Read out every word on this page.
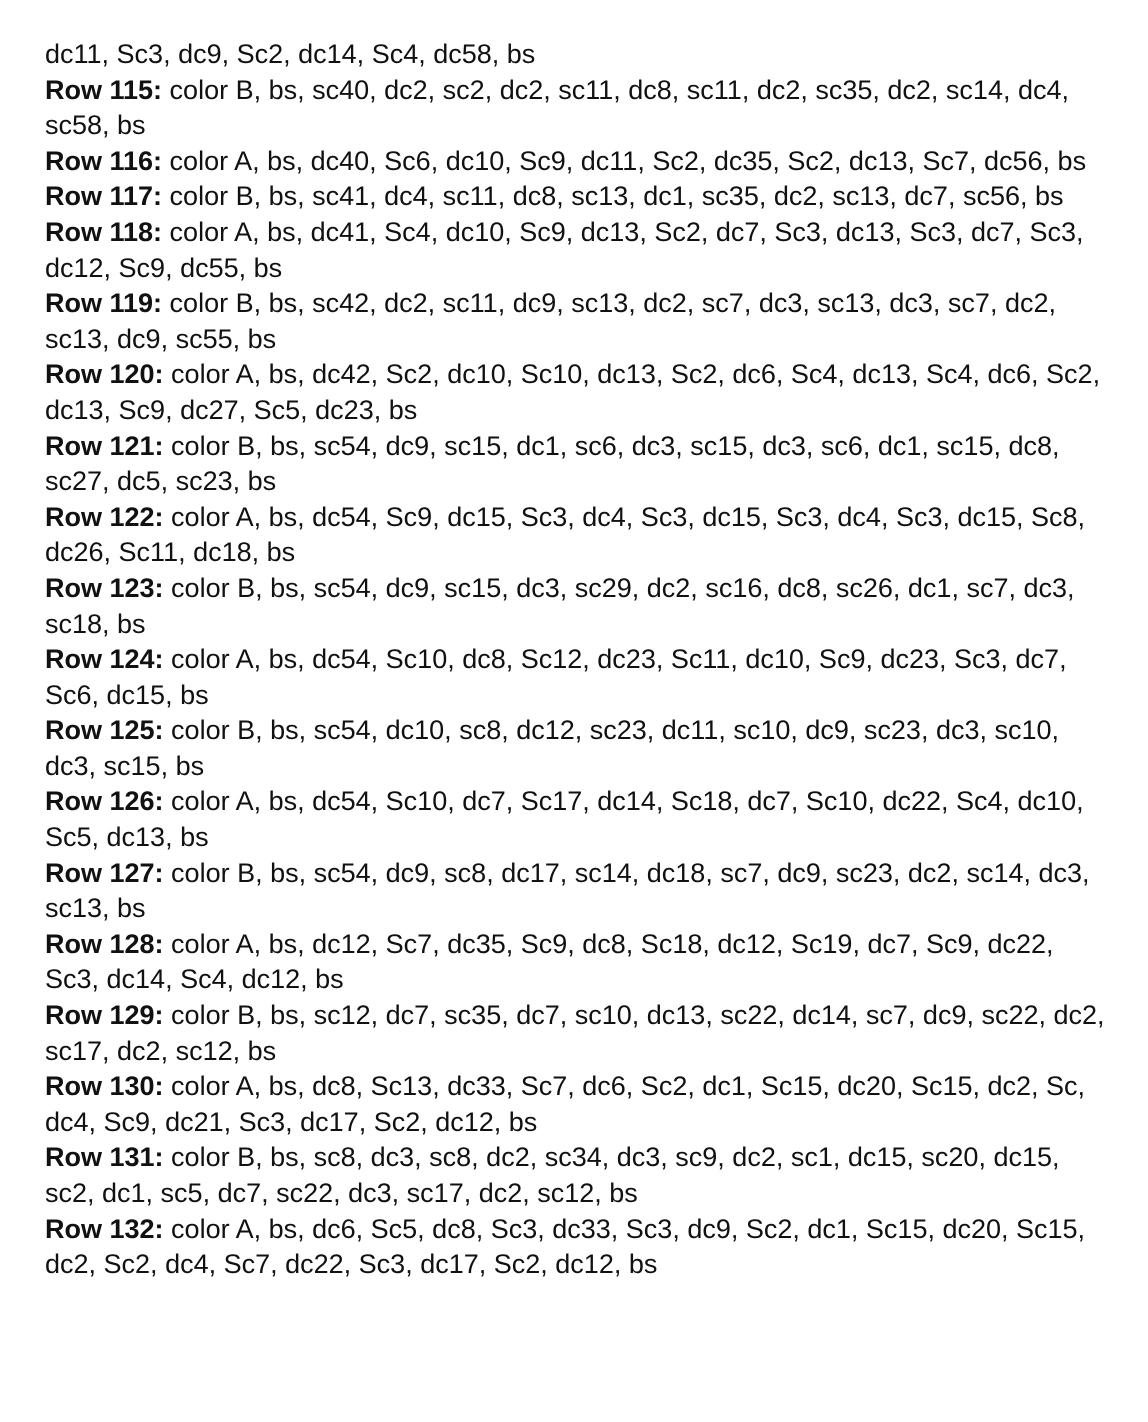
dc11, Sc3, dc9, Sc2, dc14, Sc4, dc58, bs

Row 115: color B, bs, sc40, dc2, sc2, dc2, sc11, dc8, sc11, dc2, sc35, dc2, sc14, dc4, sc58, bs

Row 116: color A, bs, dc40, Sc6, dc10, Sc9, dc11, Sc2, dc35, Sc2, dc13, Sc7, dc56, bs

Row 117: color B, bs, sc41, dc4, sc11, dc8, sc13, dc1, sc35, dc2, sc13, dc7, sc56, bs

Row 118: color A, bs, dc41, Sc4, dc10, Sc9, dc13, Sc2, dc7, Sc3, dc13, Sc3, dc7, Sc3, dc12, Sc9, dc55, bs

Row 119: color B, bs, sc42, dc2, sc11, dc9, sc13, dc2, sc7, dc3, sc13, dc3, sc7, dc2, sc13, dc9, sc55, bs

Row 120: color A, bs, dc42, Sc2, dc10, Sc10, dc13, Sc2, dc6, Sc4, dc13, Sc4, dc6, Sc2, dc13, Sc9, dc27, Sc5, dc23, bs

Row 121: color B, bs, sc54, dc9, sc15, dc1, sc6, dc3, sc15, dc3, sc6, dc1, sc15, dc8, sc27, dc5, sc23, bs

Row 122: color A, bs, dc54, Sc9, dc15, Sc3, dc4, Sc3, dc15, Sc3, dc4, Sc3, dc15, Sc8, dc26, Sc11, dc18, bs

Row 123: color B, bs, sc54, dc9, sc15, dc3, sc29, dc2, sc16, dc8, sc26, dc1, sc7, dc3, sc18, bs

Row 124: color A, bs, dc54, Sc10, dc8, Sc12, dc23, Sc11, dc10, Sc9, dc23, Sc3, dc7, Sc6, dc15, bs

Row 125: color B, bs, sc54, dc10, sc8, dc12, sc23, dc11, sc10, dc9, sc23, dc3, sc10, dc3, sc15, bs

Row 126: color A, bs, dc54, Sc10, dc7, Sc17, dc14, Sc18, dc7, Sc10, dc22, Sc4, dc10, Sc5, dc13, bs

Row 127: color B, bs, sc54, dc9, sc8, dc17, sc14, dc18, sc7, dc9, sc23, dc2, sc14, dc3, sc13, bs

Row 128: color A, bs, dc12, Sc7, dc35, Sc9, dc8, Sc18, dc12, Sc19, dc7, Sc9, dc22, Sc3, dc14, Sc4, dc12, bs

Row 129: color B, bs, sc12, dc7, sc35, dc7, sc10, dc13, sc22, dc14, sc7, dc9, sc22, dc2, sc17, dc2, sc12, bs

Row 130: color A, bs, dc8, Sc13, dc33, Sc7, dc6, Sc2, dc1, Sc15, dc20, Sc15, dc2, Sc, dc4, Sc9, dc21, Sc3, dc17, Sc2, dc12, bs

Row 131: color B, bs, sc8, dc3, sc8, dc2, sc34, dc3, sc9, dc2, sc1, dc15, sc20, dc15, sc2, dc1, sc5, dc7, sc22, dc3, sc17, dc2, sc12, bs

Row 132: color A, bs, dc6, Sc5, dc8, Sc3, dc33, Sc3, dc9, Sc2, dc1, Sc15, dc20, Sc15, dc2, Sc2, dc4, Sc7, dc22, Sc3, dc17, Sc2, dc12, bs
